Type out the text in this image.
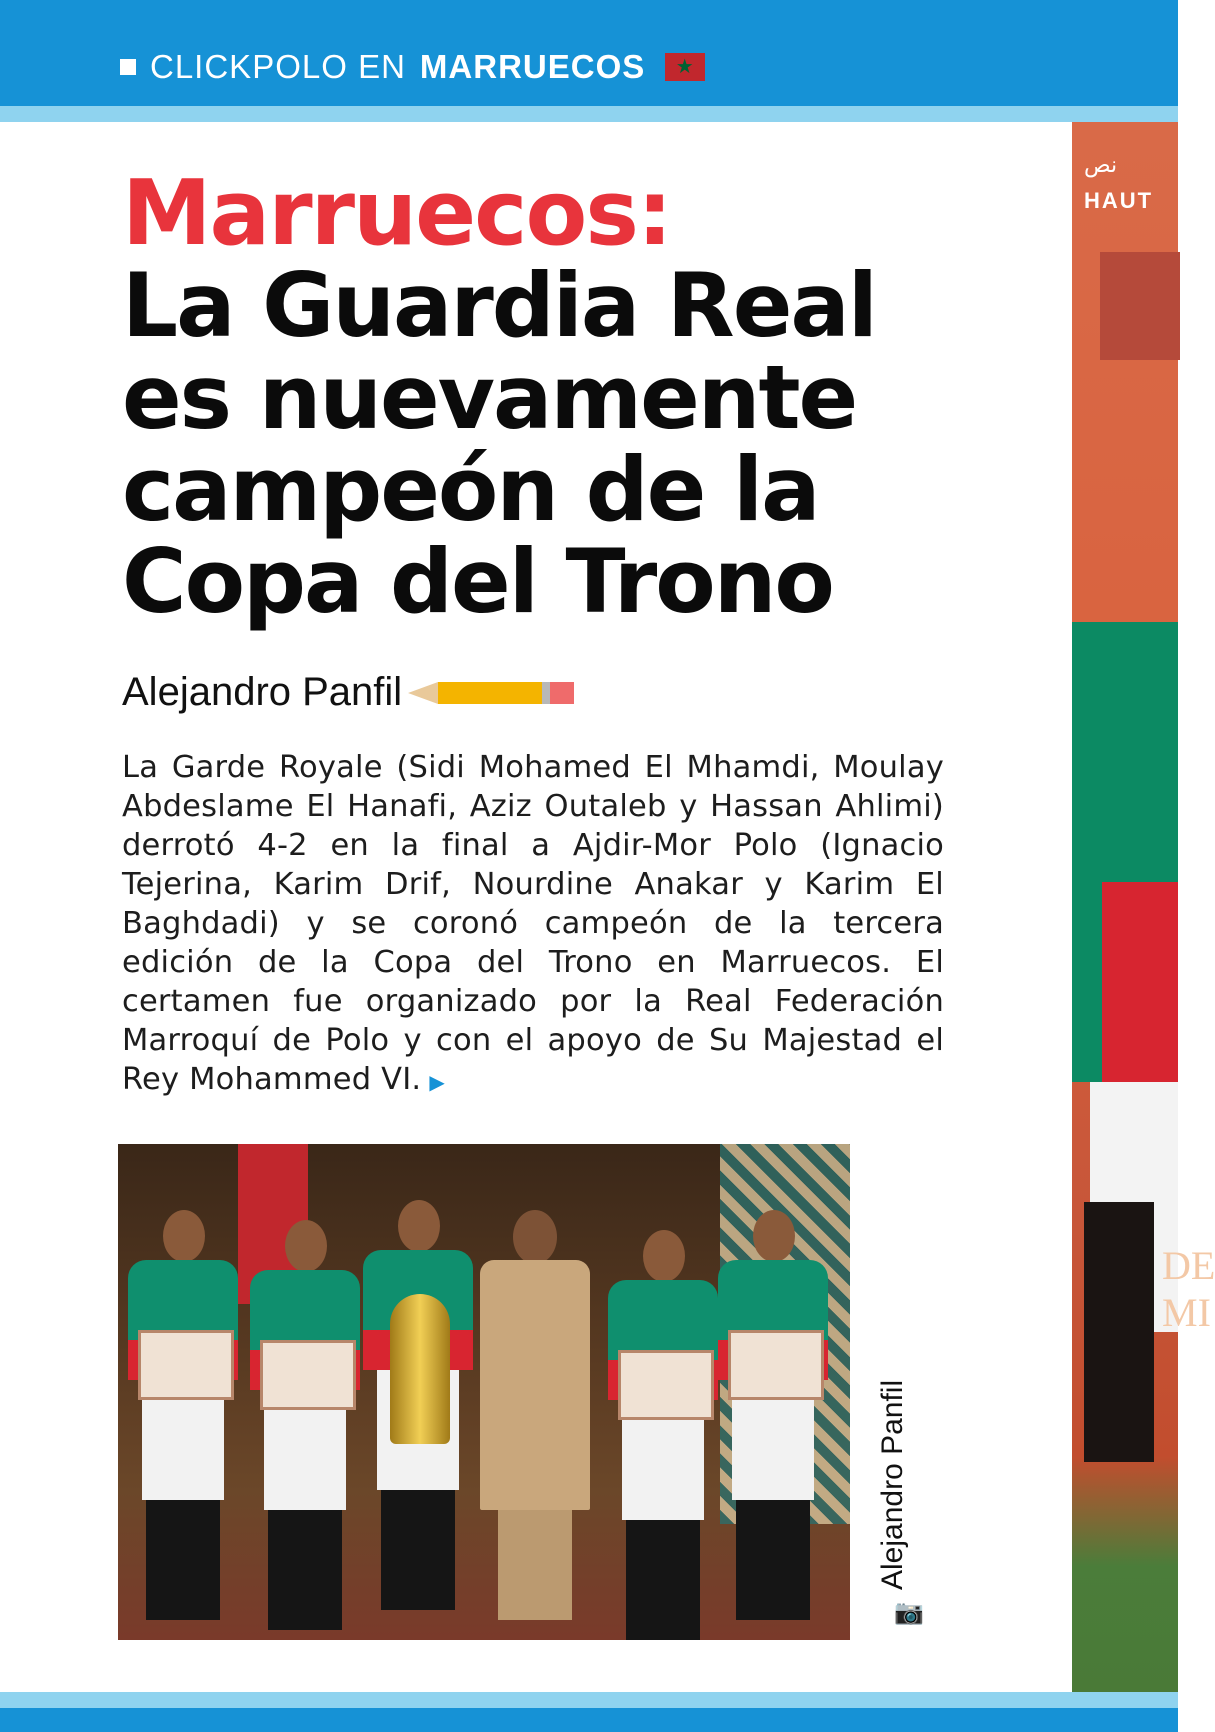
CLICKPOLO EN MARRUECOS
★
Marruecos:
La Guardia Real
es nuevamente
campeón de la
Copa del Trono
Alejandro Panfil
La Garde Royale (Sidi Mohamed El Mhamdi, Moulay Abdeslame El Hanafi, Aziz Outaleb y Hassan Ahlimi) derrotó 4-2 en la final a Ajdir-Mor Polo (Ignacio Tejerina, Karim Drif, Nourdine Anakar y Karim El Baghdadi) y se coronó campeón de la tercera edición de la Copa del Trono en Marruecos. El certamen fue organizado por la Real Federación Marroquí de Polo y con el apoyo de Su Majestad el Rey Mohammed VI. ▶
Alejandro Panfil
📷
نص
HAUT
DE
MI
